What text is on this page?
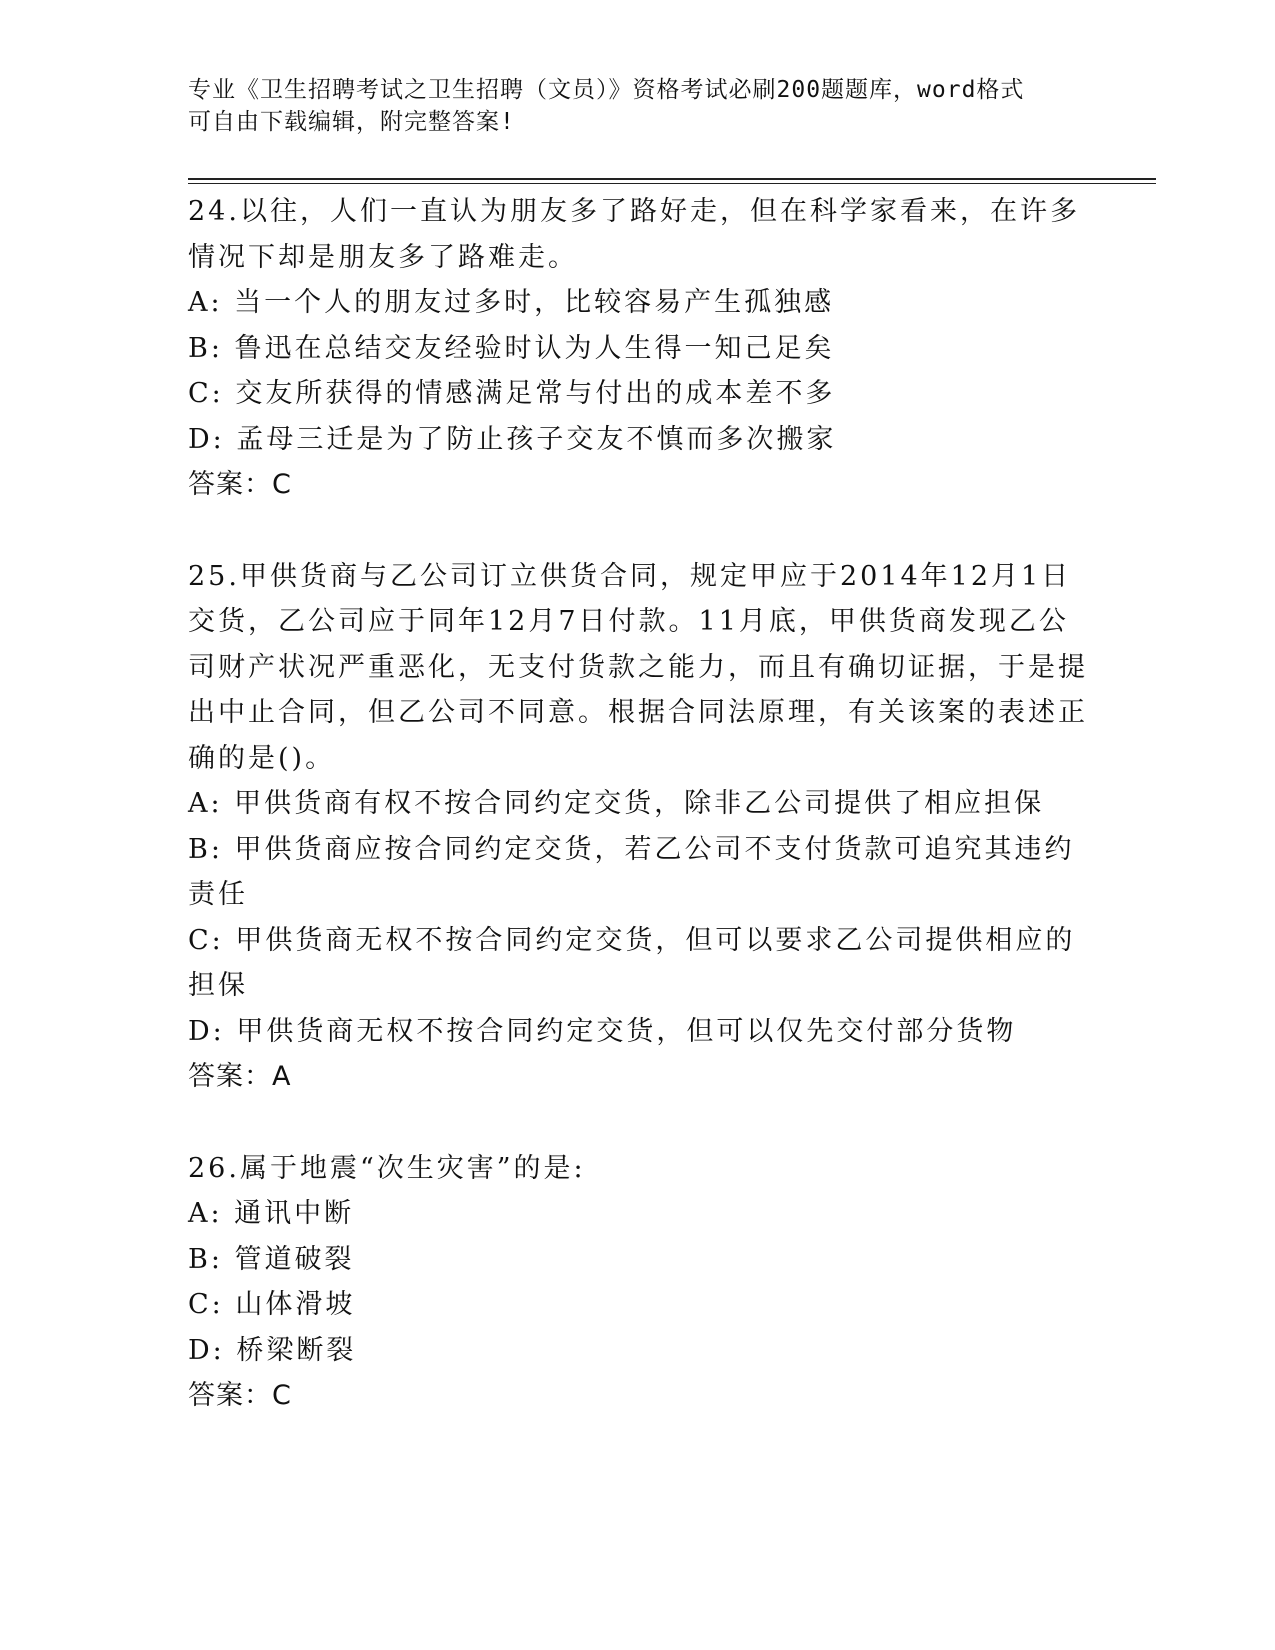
专业《卫生招聘考试之卫生招聘（文员）》资格考试必刷200题题库，word格式
可自由下载编辑，附完整答案!
24.以往，人们一直认为朋友多了路好走，但在科学家看来，在许多情况下却是朋友多了路难走。
A: 当一个人的朋友过多时，比较容易产生孤独感
B: 鲁迅在总结交友经验时认为人生得一知己足矣
C: 交友所获得的情感满足常与付出的成本差不多
D: 孟母三迁是为了防止孩子交友不慎而多次搬家
答案：C
25.甲供货商与乙公司订立供货合同，规定甲应于2014年12月1日交货，乙公司应于同年12月7日付款。11月底，甲供货商发现乙公司财产状况严重恶化，无支付货款之能力，而且有确切证据，于是提出中止合同，但乙公司不同意。根据合同法原理，有关该案的表述正确的是()。
A: 甲供货商有权不按合同约定交货，除非乙公司提供了相应担保
B: 甲供货商应按合同约定交货，若乙公司不支付货款可追究其违约责任
C: 甲供货商无权不按合同约定交货，但可以要求乙公司提供相应的担保
D: 甲供货商无权不按合同约定交货，但可以仅先交付部分货物
答案：A
26.属于地震“次生灾害”的是:
A: 通讯中断
B: 管道破裂
C: 山体滑坡
D: 桥梁断裂
答案：C
